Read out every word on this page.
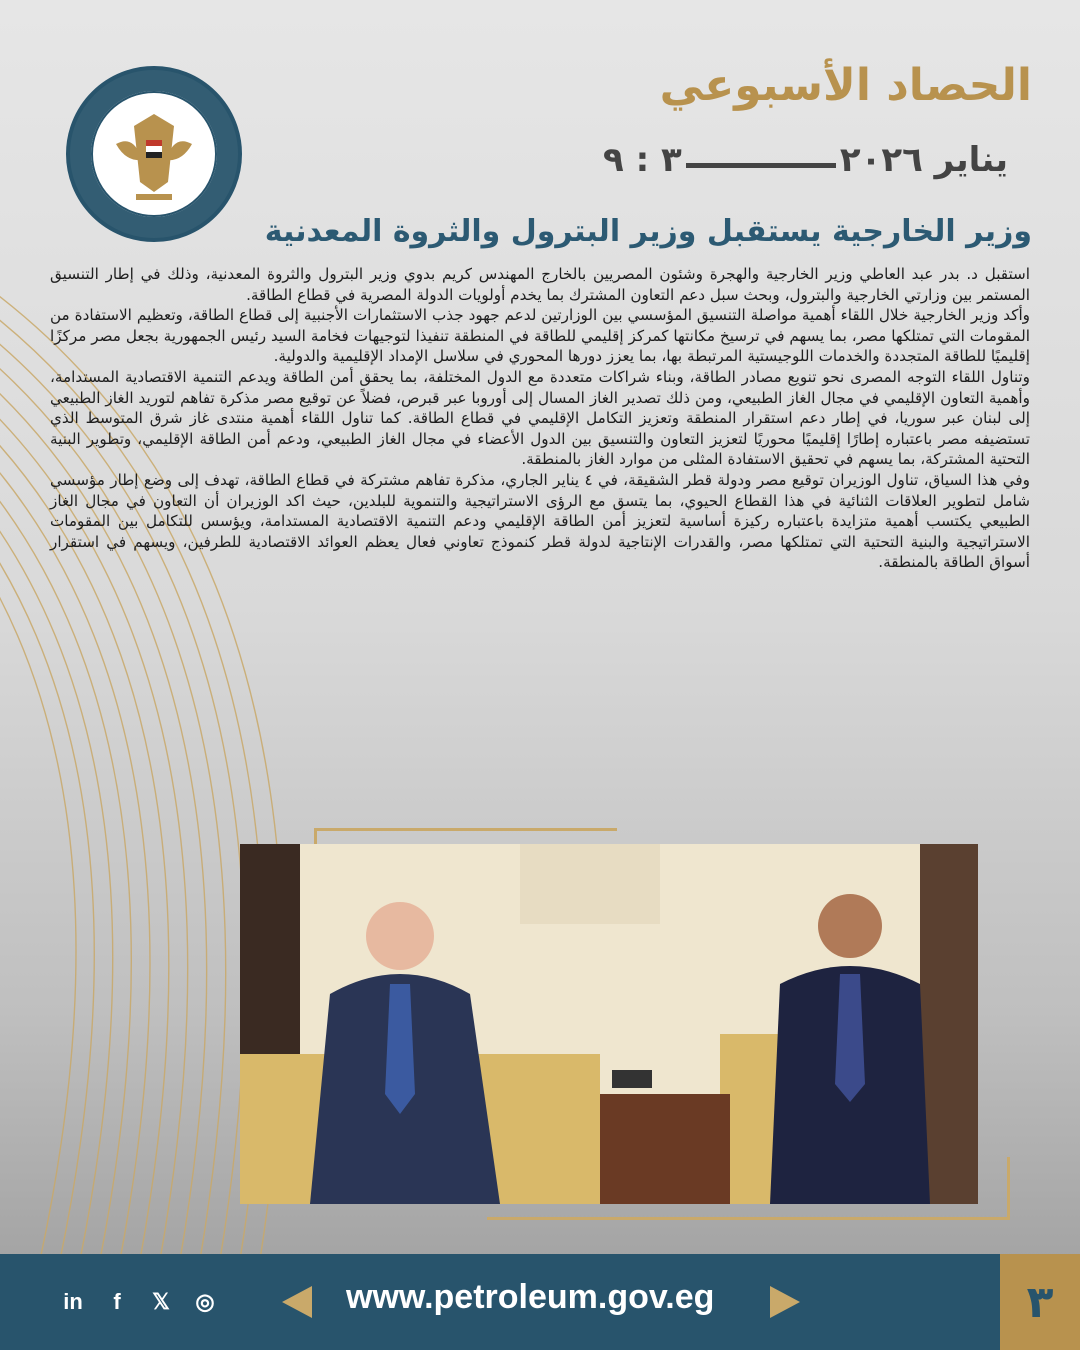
الحصاد الأسبوعي
٣ : ٩	يناير ٢٠٢٦
وزير الخارجية يستقبل وزير البترول والثروة المعدنية

استقبل د. بدر عبد العاطي وزير الخارجية والهجرة وشئون المصريين بالخارج المهندس كريم بدوي وزير البترول والثروة المعدنية، وذلك في إطار التنسيق المستمر بين وزارتي الخارجية والبترول، وبحث سبل دعم التعاون المشترك بما يخدم أولويات الدولة المصرية في قطاع الطاقة.

وأكد وزير الخارجية خلال اللقاء أهمية مواصلة التنسيق المؤسسي بين الوزارتين لدعم جهود جذب الاستثمارات الأجنبية إلى قطاع الطاقة، وتعظيم الاستفادة من المقومات التي تمتلكها مصر، بما يسهم في ترسيخ مكانتها كمركز إقليمي للطاقة في المنطقة تنفيذا لتوجيهات فخامة السيد رئيس الجمهورية بجعل مصر مركزًا إقليميًا للطاقة المتجددة والخدمات اللوجيستية المرتبطة بها، بما يعزز دورها المحوري في سلاسل الإمداد الإقليمية والدولية.

وتناول اللقاء التوجه المصرى نحو تنويع مصادر الطاقة، وبناء شراكات متعددة مع الدول المختلفة، بما يحقق أمن الطاقة ويدعم التنمية الاقتصادية المستدامة، وأهمية التعاون الإقليمي في مجال الغاز الطبيعي، ومن ذلك تصدير الغاز المسال إلى أوروبا عبر قبرص، فضلاً عن توقيع مصر مذكرة تفاهم لتوريد الغاز الطبيعي إلى لبنان عبر سوريا، في إطار دعم استقرار المنطقة وتعزيز التكامل الإقليمي في قطاع الطاقة. كما تناول اللقاء أهمية منتدى غاز شرق المتوسط الذي تستضيفه مصر باعتباره إطارًا إقليميًا محوريًا لتعزيز التعاون والتنسيق بين الدول الأعضاء في مجال الغاز الطبيعي، ودعم أمن الطاقة الإقليمي، وتطوير البنية التحتية المشتركة، بما يسهم في تحقيق الاستفادة المثلى من موارد الغاز بالمنطقة.

وفي هذا السياق، تناول الوزيران توقيع مصر ودولة قطر الشقيقة، في ٤ يناير الجاري، مذكرة تفاهم مشتركة في قطاع الطاقة، تهدف إلى وضع إطار مؤسسي شامل لتطوير العلاقات الثنائية في هذا القطاع الحيوي، بما يتسق مع الرؤى الاستراتيجية والتنموية للبلدين، حيث اكد الوزيران أن التعاون في مجال الغاز الطبيعي يكتسب أهمية متزايدة باعتباره ركيزة أساسية لتعزيز أمن الطاقة الإقليمي ودعم التنمية الاقتصادية المستدامة، ويؤسس للتكامل بين المقومات الاستراتيجية والبنية التحتية التي تمتلكها مصر، والقدرات الإنتاجية لدولة قطر كنموذج تعاوني فعال يعظم العوائد الاقتصادية للطرفين، ويسهم في استقرار أسواق الطاقة بالمنطقة.

in	f	𝕏 ◎	www.petroleum.gov.eg	٣
